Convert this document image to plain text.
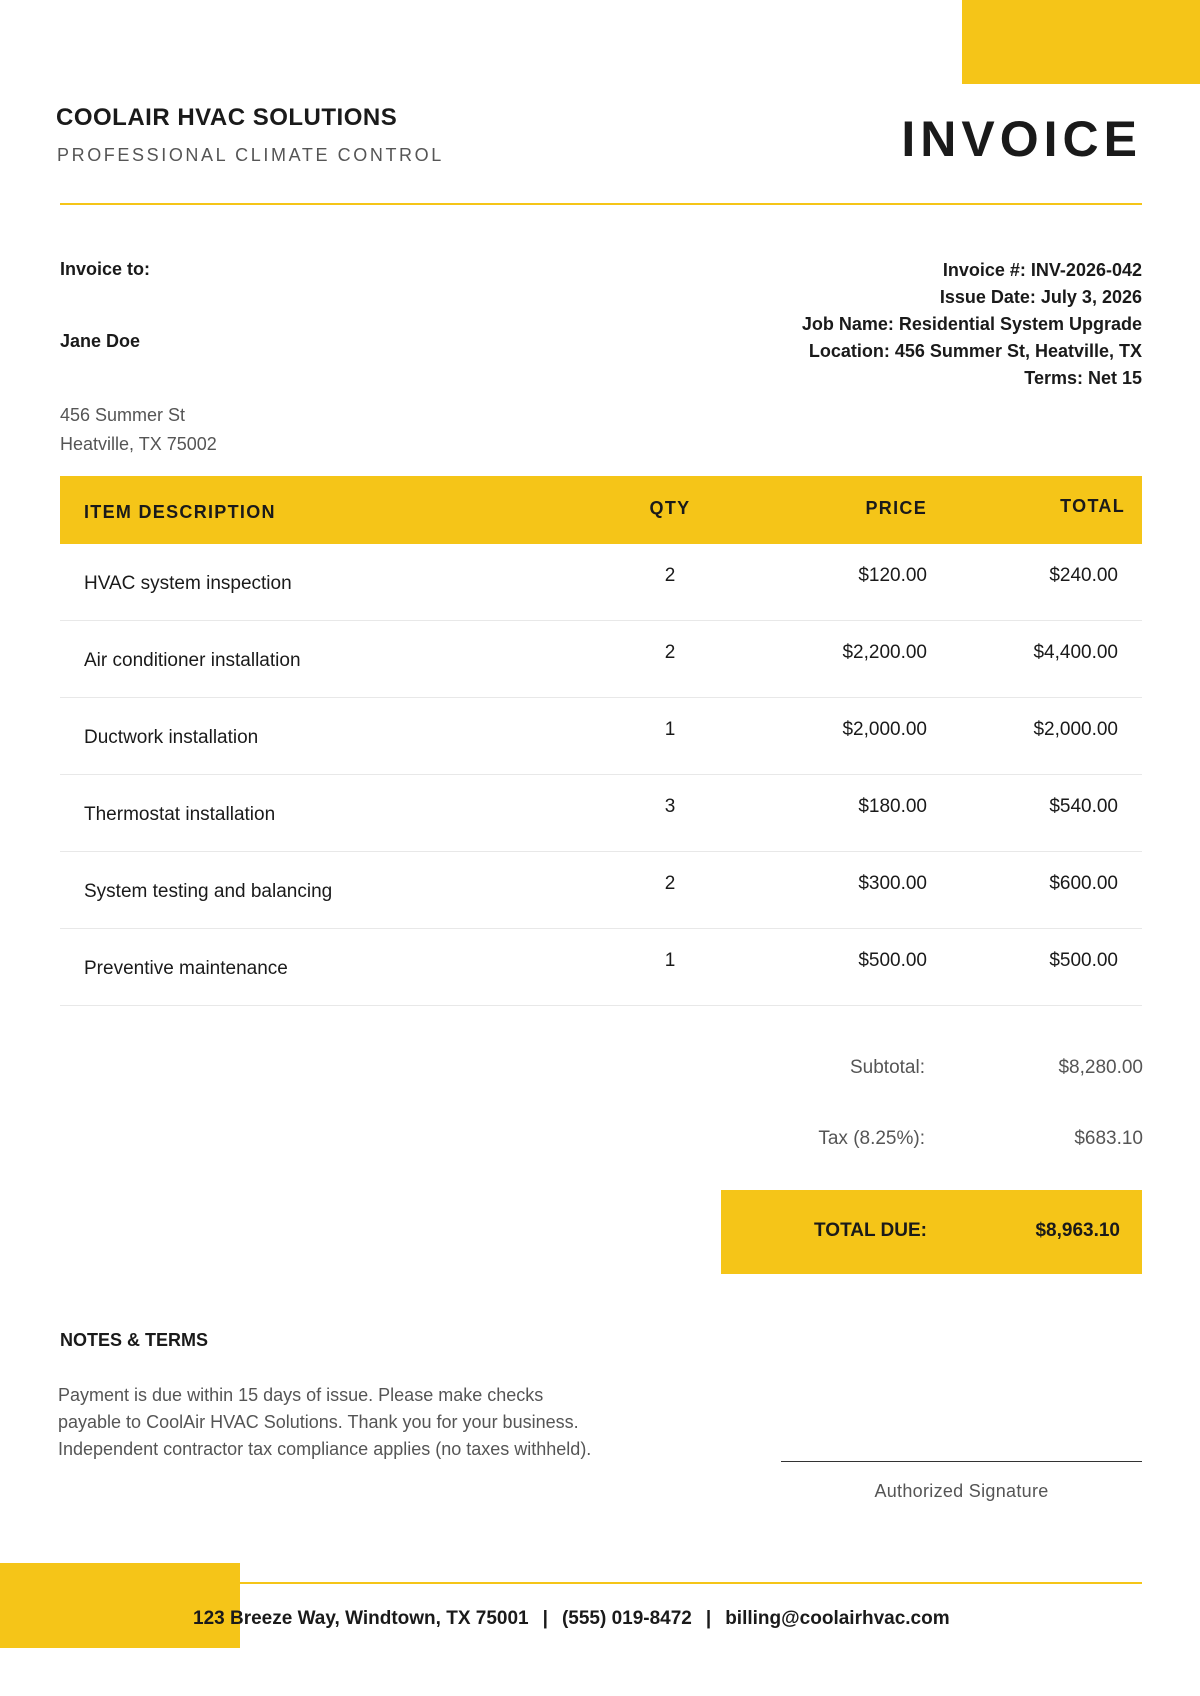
COOLAIR HVAC SOLUTIONS
PROFESSIONAL CLIMATE CONTROL	INVOICE
Invoice to:
Jane Doe
456 Summer St
Heatville, TX 75002
Invoice #: INV-2026-042
Issue Date: July 3, 2026
Job Name: Residential System Upgrade
Location: 456 Summer St, Heatville, TX
Terms: Net 15
ITEM DESCRIPTION	QTY	PRICE	TOTAL
HVAC system inspection	2	$120.00	$240.00
Air conditioner installation	2	$2,200.00	$4,400.00
Ductwork installation	1	$2,000.00	$2,000.00
Thermostat installation	3	$180.00	$540.00
System testing and balancing	2	$300.00	$600.00
Preventive maintenance	1	$500.00	$500.00
Subtotal:	$8,280.00
Tax (8.25%):	$683.10
TOTAL DUE:	$8,963.10
NOTES & TERMS
Payment is due within 15 days of issue. Please make checks payable to CoolAir HVAC Solutions. Thank you for your business. Independent contractor tax compliance applies (no taxes withheld).
Authorized Signature
123 Breeze Way, Windtown, TX 75001 | (555) 019-8472 | billing@coolairhvac.com
